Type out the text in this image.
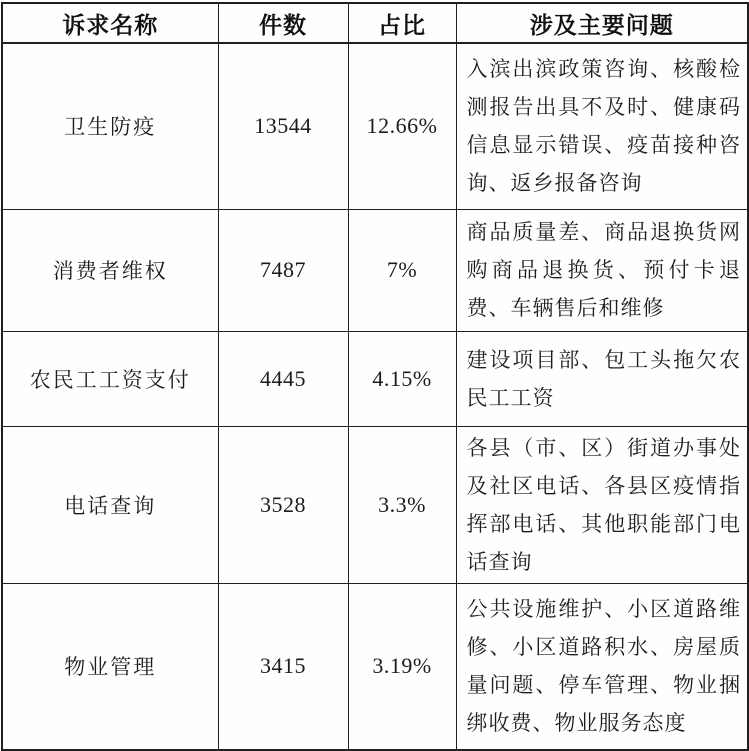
诉求名称	件数	占比	涉及主要问题
卫生防疫	13544	12.66%	入滨出滨政策咨询、核酸检测报告出具不及时、健康码信息显示错误、疫苗接种咨询、返乡报备咨询
消费者维权	7487	7%	商品质量差、商品退换货网购商品退换货、预付卡退费、车辆售后和维修
农民工工资支付	4445	4.15%	建设项目部、包工头拖欠农民工工资
电话查询	3528	3.3%	各县（市、区）街道办事处及社区电话、各县区疫情指挥部电话、其他职能部门电话查询
物业管理	3415	3.19%	公共设施维护、小区道路维修、小区道路积水、房屋质量问题、停车管理、物业捆绑收费、物业服务态度
